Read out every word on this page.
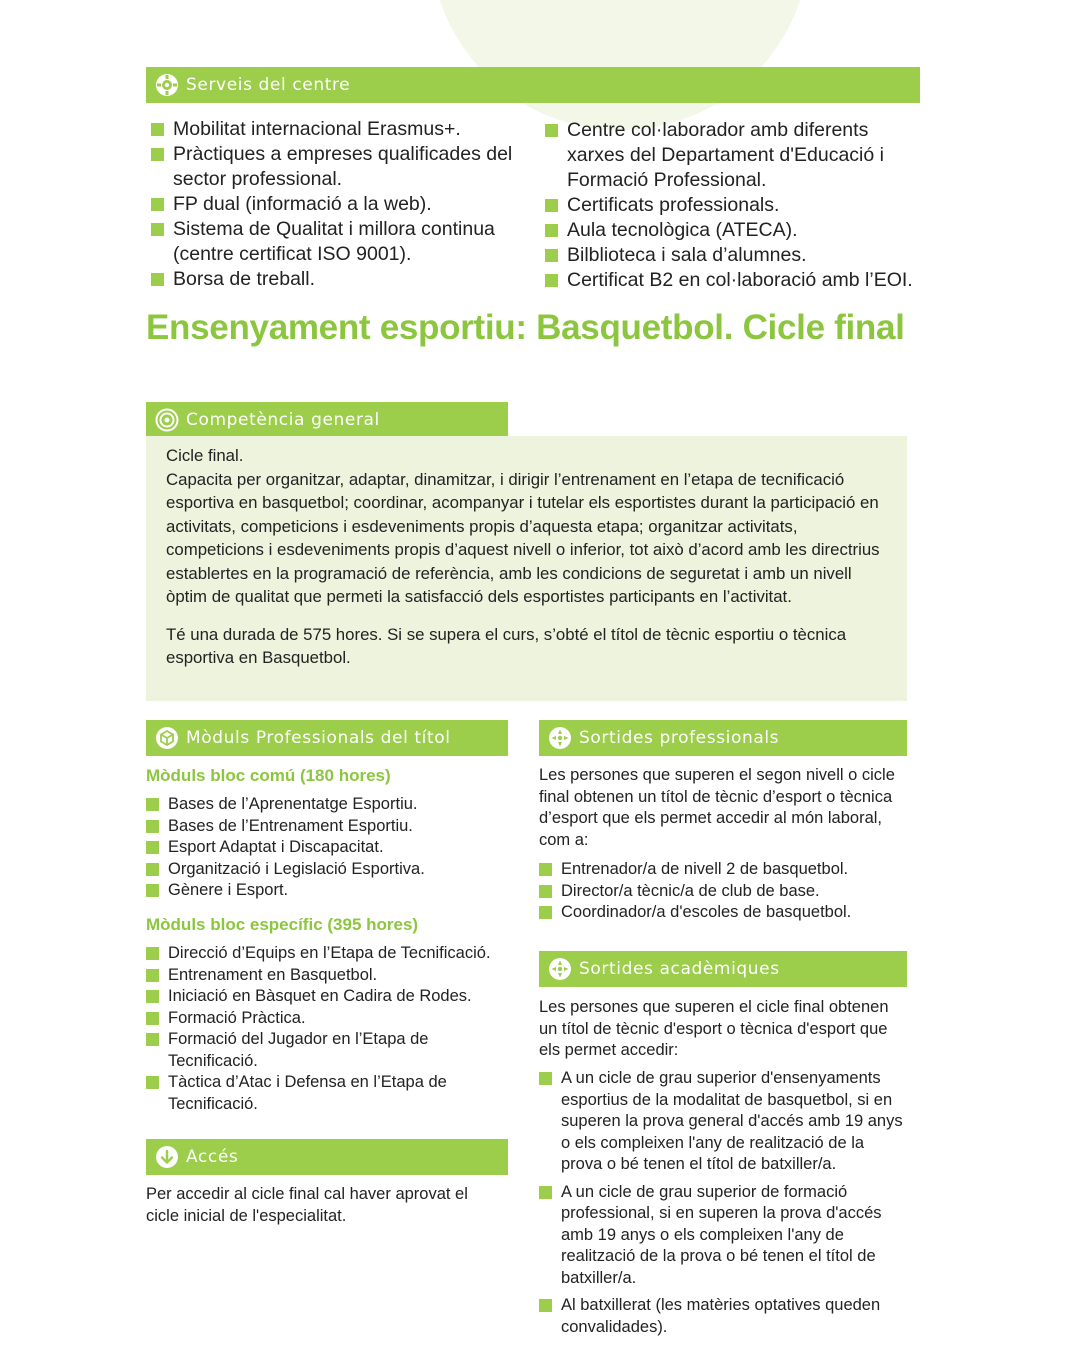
Serveis del centre
Mobilitat internacional Erasmus+.
Pràctiques a empreses qualificades del sector professional.
FP dual (informació a la web).
Sistema de Qualitat i millora continua (centre certificat ISO 9001).
Borsa de treball.
Centre col·laborador amb diferents xarxes del Departament d'Educació i Formació Professional.
Certificats professionals.
Aula tecnològica (ATECA).
Bilblioteca i sala d’alumnes.
Certificat B2 en col·laboració amb l’EOI.
Ensenyament esportiu: Basquetbol. Cicle final
Competència general
Cicle final.
Capacita per organitzar, adaptar, dinamitzar, i dirigir l’entrenament en l’etapa de tecnificació esportiva en basquetbol; coordinar, acompanyar i tutelar els esportistes durant la participació en activitats, competicions i esdeveniments propis d’aquesta etapa; organitzar activitats, competicions i esdeveniments propis d’aquest nivell o inferior, tot això d’acord amb les directrius establertes en la programació de referència, amb les condicions de seguretat i amb un nivell òptim de qualitat que permeti la satisfacció dels esportistes participants en l’activitat.
Té una durada de 575 hores. Si se supera el curs, s’obté el títol de tècnic esportiu o tècnica esportiva en Basquetbol.
Mòduls Professionals del títol
Mòduls bloc comú (180 hores)
Bases de l’Aprenentatge Esportiu.
Bases de l’Entrenament Esportiu.
Esport Adaptat i Discapacitat.
Organització i Legislació Esportiva.
Gènere i Esport.
Mòduls bloc específic (395 hores)
Direcció d’Equips en l’Etapa de Tecnificació.
Entrenament en Basquetbol.
Iniciació en Bàsquet en Cadira de Rodes.
Formació Pràctica.
Formació del Jugador en l’Etapa de Tecnificació.
Tàctica d’Atac i Defensa en l’Etapa de Tecnificació.
Accés
Per accedir al cicle final cal haver aprovat el cicle inicial de l'especialitat.
Sortides professionals
Les persones que superen el segon nivell o cicle final obtenen un títol de tècnic d’esport o tècnica d’esport que els permet accedir al món laboral, com a:
Entrenador/a de nivell 2 de basquetbol.
Director/a tècnic/a de club de base.
Coordinador/a d'escoles de basquetbol.
Sortides acadèmiques
Les persones que superen el cicle final obtenen un títol de tècnic d'esport o tècnica d'esport que els permet accedir:
A un cicle de grau superior d'ensenyaments esportius de la modalitat de basquetbol, si en superen la prova general d'accés amb 19 anys o els compleixen l'any de realització de la prova o bé tenen el títol de batxiller/a.
A un cicle de grau superior de formació professional, si en superen la prova d'accés amb 19 anys o els compleixen l'any de realització de la prova o bé tenen el títol de batxiller/a.
Al batxillerat (les matèries optatives queden convalidades).
